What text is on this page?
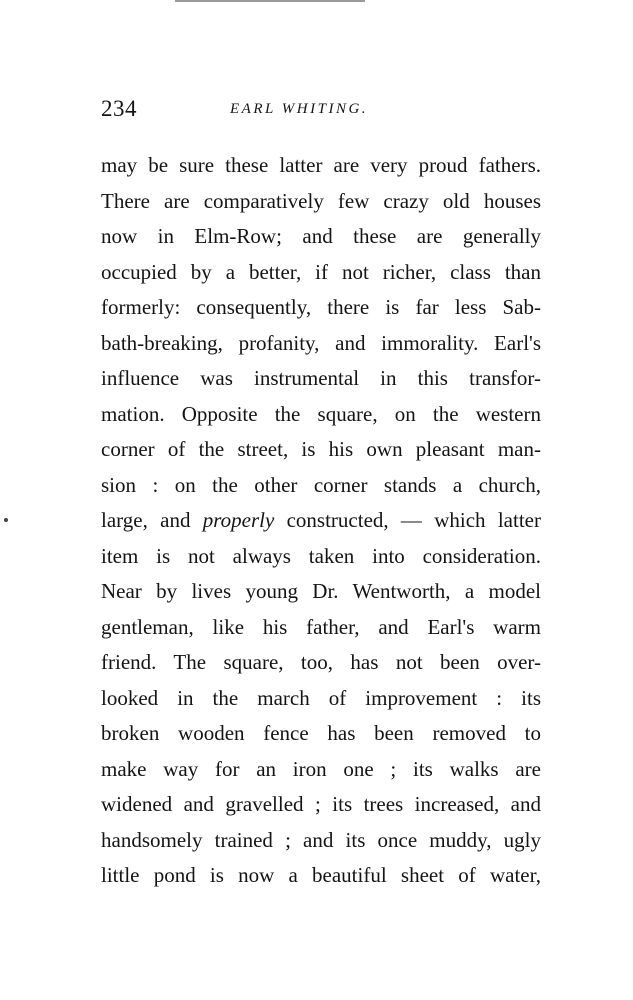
234	EARL WHITING.
may be sure these latter are very proud fathers.
There are comparatively few crazy old houses
now in Elm-Row; and these are generally
occupied by a better, if not richer, class than
formerly: consequently, there is far less Sab-
bath-breaking, profanity, and immorality. Earl's
influence was instrumental in this transfor-
mation. Opposite the square, on the western
corner of the street, is his own pleasant man-
sion : on the other corner stands a church,
large, and properly constructed, — which latter
item is not always taken into consideration.
Near by lives young Dr. Wentworth, a model
gentleman, like his father, and Earl's warm
friend. The square, too, has not been over-
looked in the march of improvement : its
broken wooden fence has been removed to
make way for an iron one ; its walks are
widened and gravelled ; its trees increased, and
handsomely trained ; and its once muddy, ugly
little pond is now a beautiful sheet of water,
